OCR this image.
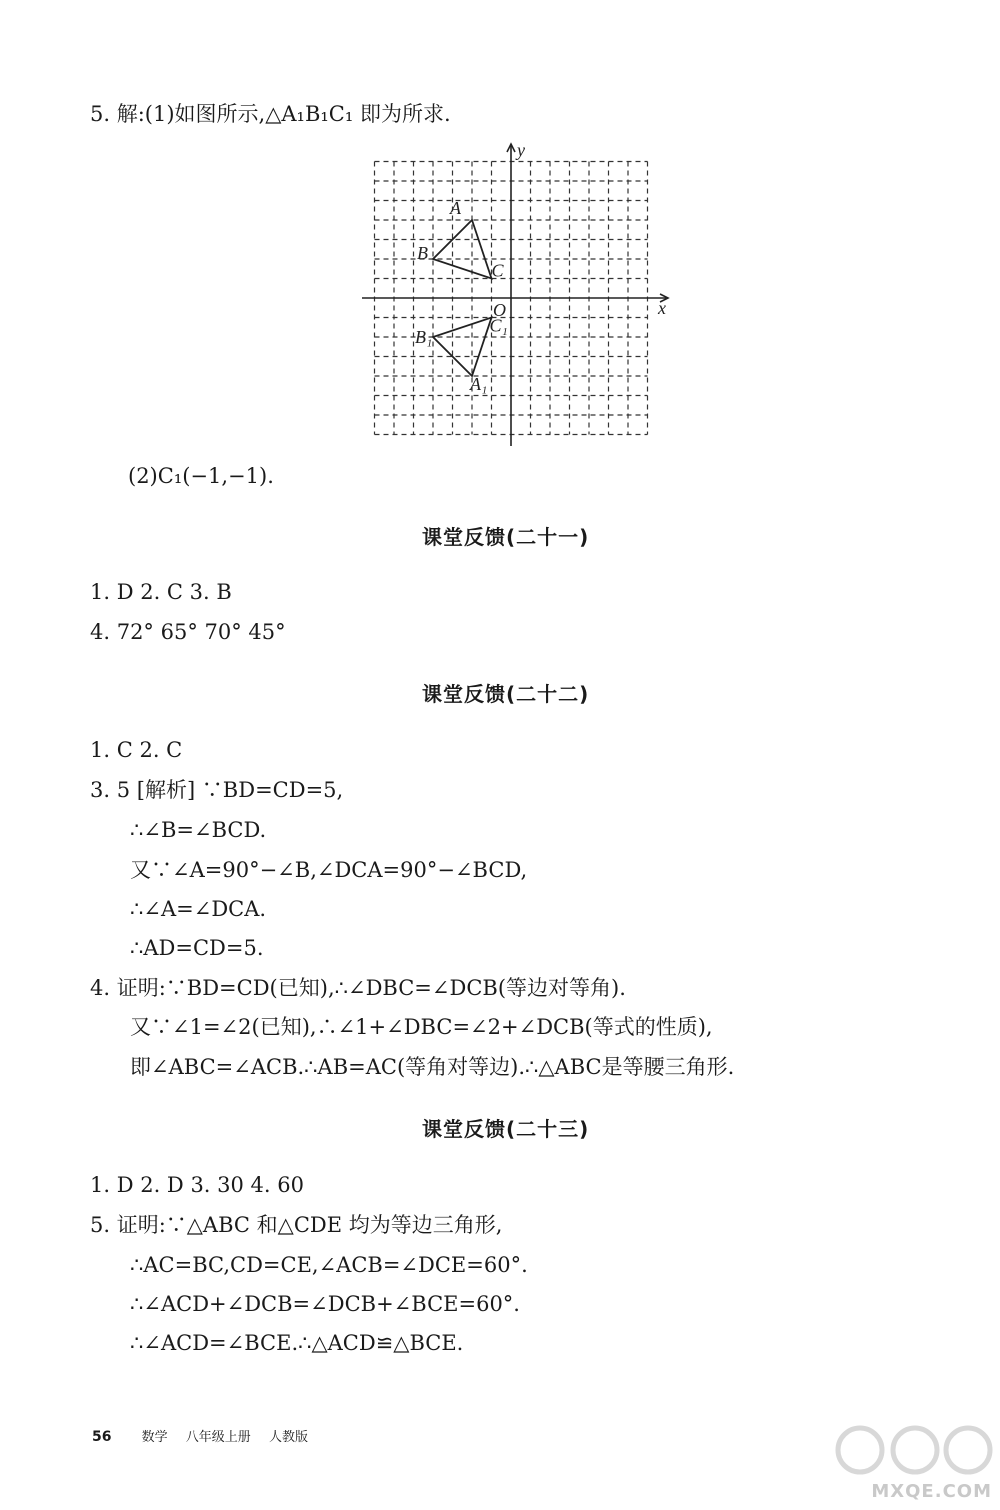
5. 解:(1)如图所示,△A₁B₁C₁ 即为所求.
A
B
C
A₁
B₁
C₁
x
y
O
(2)C₁(−1,−1).
课堂反馈(二十一)
1. D 2. C 3. B
4. 72° 65° 70° 45°
课堂反馈(二十二)
1. C 2. C
3. 5 [解析] ∵BD=CD=5,
∴∠B=∠BCD.
又∵∠A=90°−∠B,∠DCA=90°−∠BCD,
∴∠A=∠DCA.
∴AD=CD=5.
4. 证明:∵BD=CD(已知),∴∠DBC=∠DCB(等边对等角).
又∵∠1=∠2(已知),∴∠1+∠DBC=∠2+∠DCB(等式的性质),
即∠ABC=∠ACB.∴AB=AC(等角对等边).∴△ABC是等腰三角形.
课堂反馈(二十三)
1. D 2. D 3. 30 4. 60
5. 证明:∵△ABC 和△CDE 均为等边三角形,
∴AC=BC,CD=CE,∠ACB=∠DCE=60°.
∴∠ACD+∠DCB=∠DCB+∠BCE=60°.
∴∠ACD=∠BCE.∴△ACD≌△BCE.
56 数学 八年级上册 人教版
MXQE.COM
